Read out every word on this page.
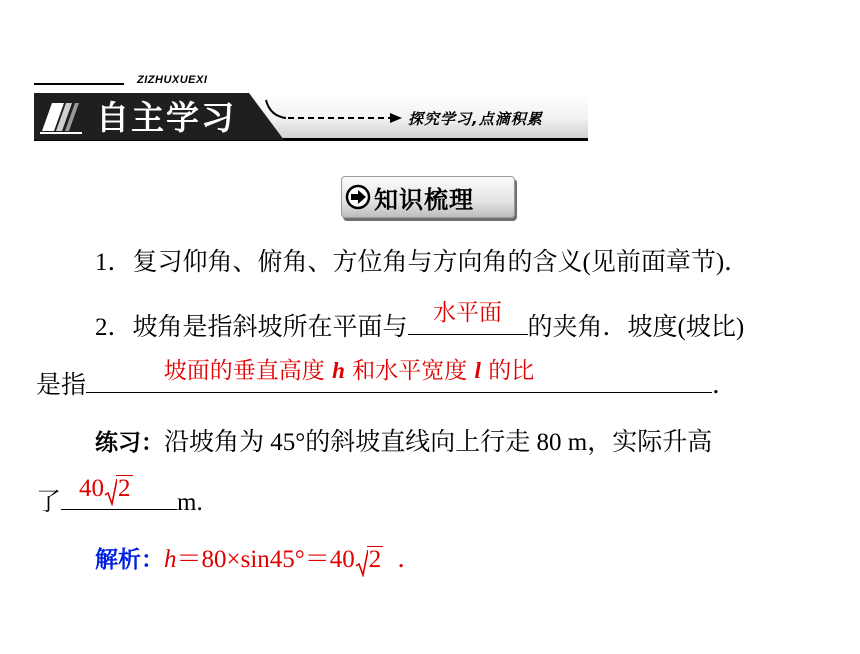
ZIZHUXUEXI
自主学习	探究学习,点滴积累
知识梳理
1．复习仰角、俯角、方位角与方向角的含义(见前面章节)．
2．坡角是指斜坡所在平面与
水平面
的夹角．坡度(坡比)
是指
坡面的垂直高度 h 和水平宽度 l 的比
．
练习：沿坡角为 45°的斜坡直线向上行走 80 m，实际升高
了
40 2
m.
解析：h＝80×sin45°＝40 2 ．
